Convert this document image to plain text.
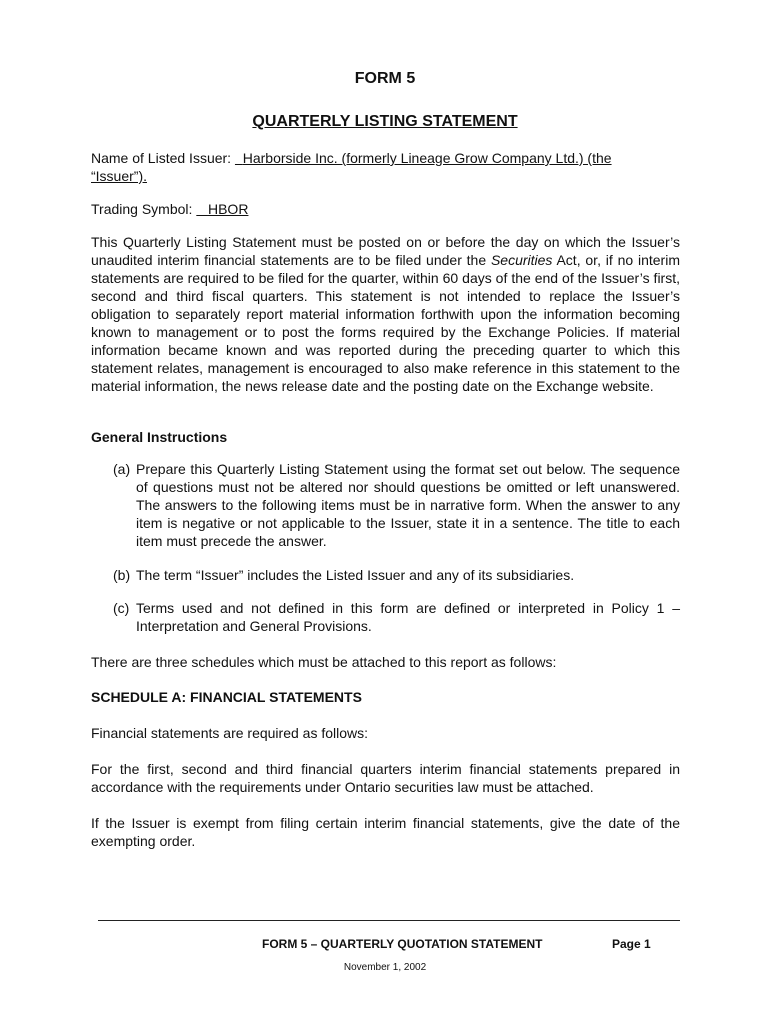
FORM 5
QUARTERLY LISTING STATEMENT
Name of Listed Issuer: Harborside Inc. (formerly Lineage Grow Company Ltd.) (the
“Issuer”).
Trading Symbol: HBOR
This Quarterly Listing Statement must be posted on or before the day on which the Issuer’s unaudited interim financial statements are to be filed under the Securities Act, or, if no interim statements are required to be filed for the quarter, within 60 days of the end of the Issuer’s first, second and third fiscal quarters. This statement is not intended to replace the Issuer’s obligation to separately report material information forthwith upon the information becoming known to management or to post the forms required by the Exchange Policies. If material information became known and was reported during the preceding quarter to which this statement relates, management is encouraged to also make reference in this statement to the material information, the news release date and the posting date on the Exchange website.
General Instructions
(a) Prepare this Quarterly Listing Statement using the format set out below. The sequence of questions must not be altered nor should questions be omitted or left unanswered. The answers to the following items must be in narrative form. When the answer to any item is negative or not applicable to the Issuer, state it in a sentence. The title to each item must precede the answer.
(b) The term “Issuer” includes the Listed Issuer and any of its subsidiaries.
(c) Terms used and not defined in this form are defined or interpreted in Policy 1 – Interpretation and General Provisions.
There are three schedules which must be attached to this report as follows:
SCHEDULE A: FINANCIAL STATEMENTS
Financial statements are required as follows:
For the first, second and third financial quarters interim financial statements prepared in accordance with the requirements under Ontario securities law must be attached.
If the Issuer is exempt from filing certain interim financial statements, give the date of the exempting order.
FORM 5 – QUARTERLY QUOTATION STATEMENT	Page 1
November 1, 2002
